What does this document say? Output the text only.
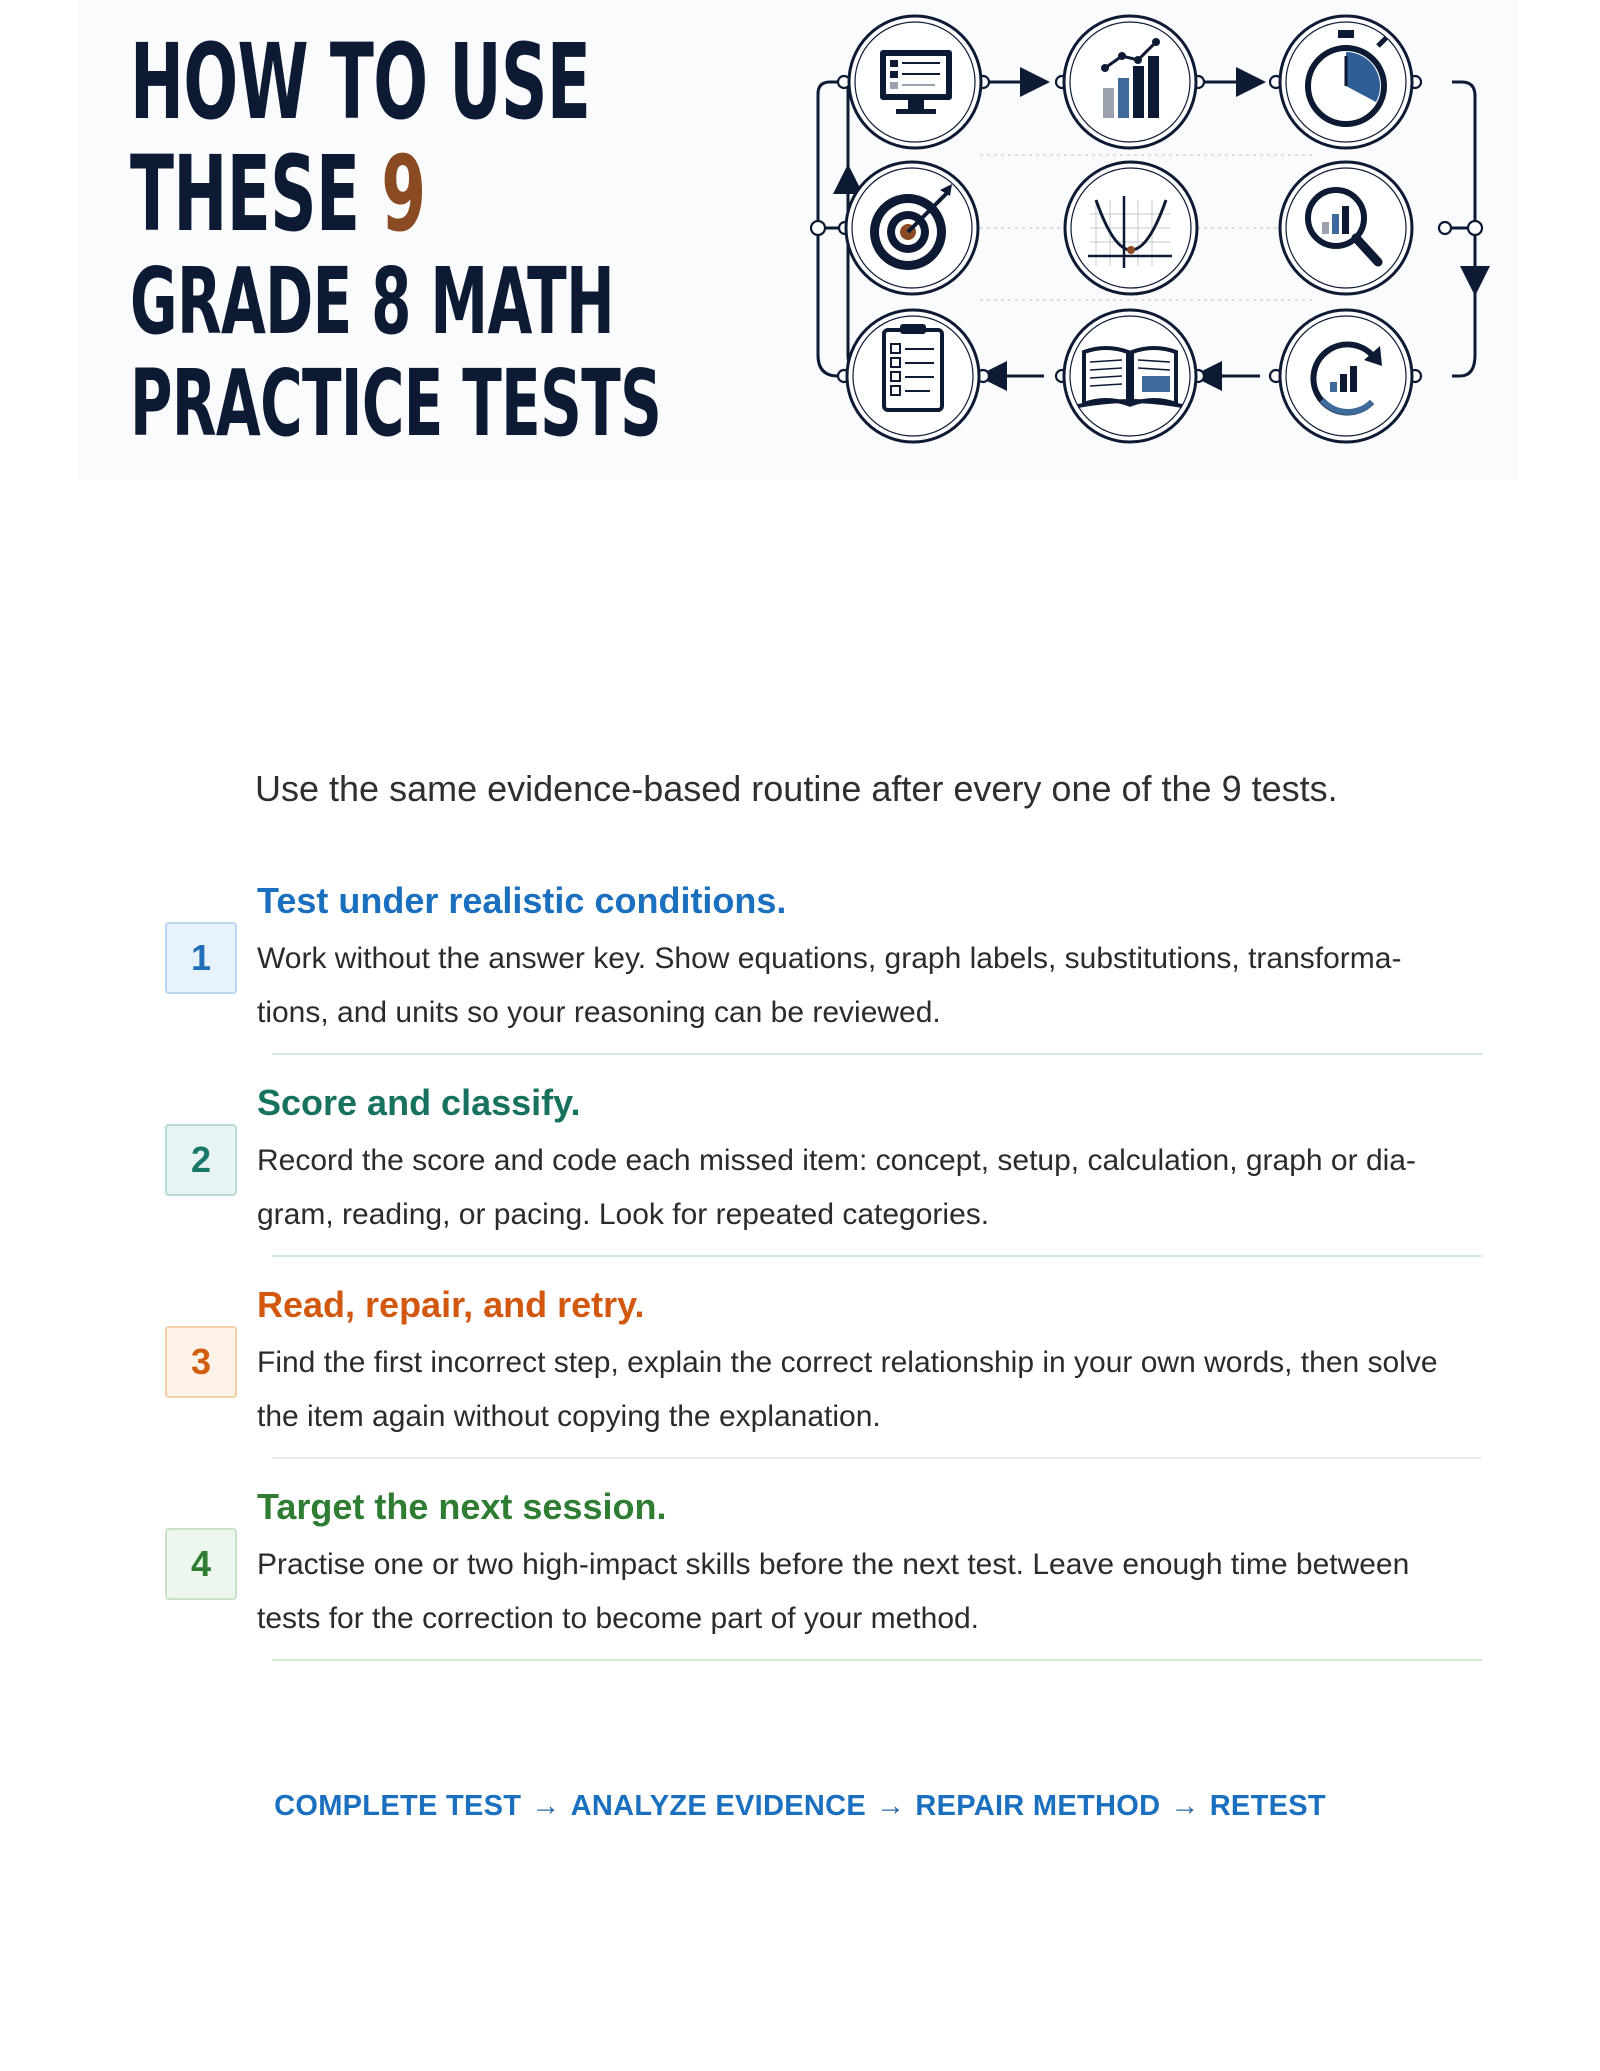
HOW TO USE
THESE 9
GRADE 8 MATH
PRACTICE TESTS
Use the same evidence-based routine after every one of the 9 tests.
Test under realistic conditions.
1	Work without the answer key. Show equations, graph labels, substitutions, transforma-
tions, and units so your reasoning can be reviewed.
Score and classify.
2	Record the score and code each missed item: concept, setup, calculation, graph or dia-
gram, reading, or pacing. Look for repeated categories.
Read, repair, and retry.
3	Find the first incorrect step, explain the correct relationship in your own words, then solve
the item again without copying the explanation.
Target the next session.
4	Practise one or two high-impact skills before the next test. Leave enough time between
tests for the correction to become part of your method.
COMPLETE TEST → ANALYZE EVIDENCE → REPAIR METHOD → RETEST
